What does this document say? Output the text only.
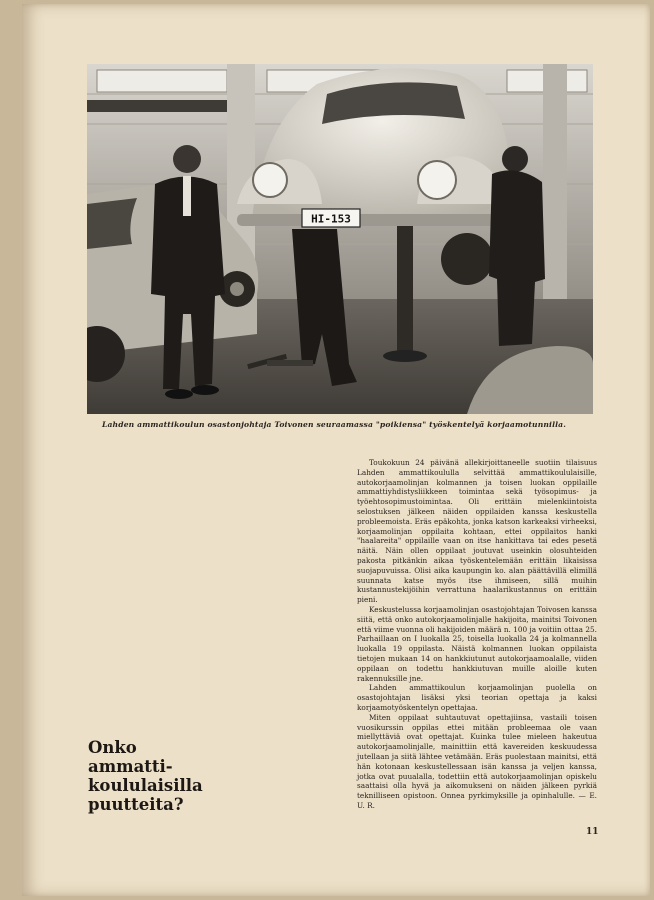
HI-153
Lahden ammattikoulun osastonjohtaja Toivonen seuraamassa "poikiensa" työskentelyä korjaamotunnilla.

Toukokuun 24 päivänä allekirjoittaneelle suotiin tilaisuus Lahden ammattikoululla selvittää ammattikoululaisille, autokorjaamolinjan kolmannen ja toisen luokan oppilaille ammattiyhdistysliikkeen toimintaa sekä työsopimus- ja työehtosopimustoimintaa. Oli erittäin mielenkiintoista selostuksen jälkeen näiden oppilaiden kanssa keskustella probleemoista. Eräs epäkohta, jonka katson karkeaksi virheeksi, korjaamolinjan oppilaita kohtaan, ettei oppilaitos hanki "haalareita" oppilaille vaan on itse hankittava tai edes pesetä näitä. Näin ollen oppilaat joutuvat useinkin olosuhteiden pakosta pitkänkin aikaa työskentelemään erittäin likaisissa suojapuvuissa. Olisi aika kaupungin ko. alan päättävillä elimillä suunnata katse myös itse ihmiseen, sillä muihin kustannustekijöihin verrattuna haalarikustannus on erittäin pieni.

Keskustelussa korjaamolinjan osastojohtajan Toivosen kanssa siitä, että onko autokorjaamolinjalle hakijoita, mainitsi Toivonen että viime vuonna oli hakijoiden määrä n. 100 ja voitiin ottaa 25. Parhaillaan on I luokalla 25, toisella luokalla 24 ja kolmannella luokalla 19 oppilasta. Näistä kolmannen luokan oppilaista tietojen mukaan 14 on hankkiutunut autokorjaamoalalle, viiden oppilaan on todettu hankkiutuvan muille aloille kuten rakennuksille jne.

Lahden ammattikoulun korjaamolinjan puolella on osastojohtajan lisäksi yksi teorian opettaja ja kaksi korjaamotyöskentelyn opettajaa.

Miten oppilaat suhtautuvat opettajiinsa, vastaili toisen vuosikurssin oppilas ettei mitään probleemaa ole vaan miellyttäviä ovat opettajat. Kuinka tulee mieleen hakeutua autokorjaamolinjalle, mainittiin että kavereiden keskuudessa jutellaan ja siitä lähtee vetämään. Eräs puolestaan mainitsi, että hän kotonaan keskustellessaan isän kanssa ja veljen kanssa, jotka ovat puualalla, todettiin että autokorjaamolinjan opiskelu saattaisi olla hyvä ja aikomukseni on näiden jälkeen pyrkiä teknilliseen opistoon. Onnea pyrkimyksille ja opinhalulle. — E. U. R.

Onko
ammatti-
koululaisilla
puutteita?
11
